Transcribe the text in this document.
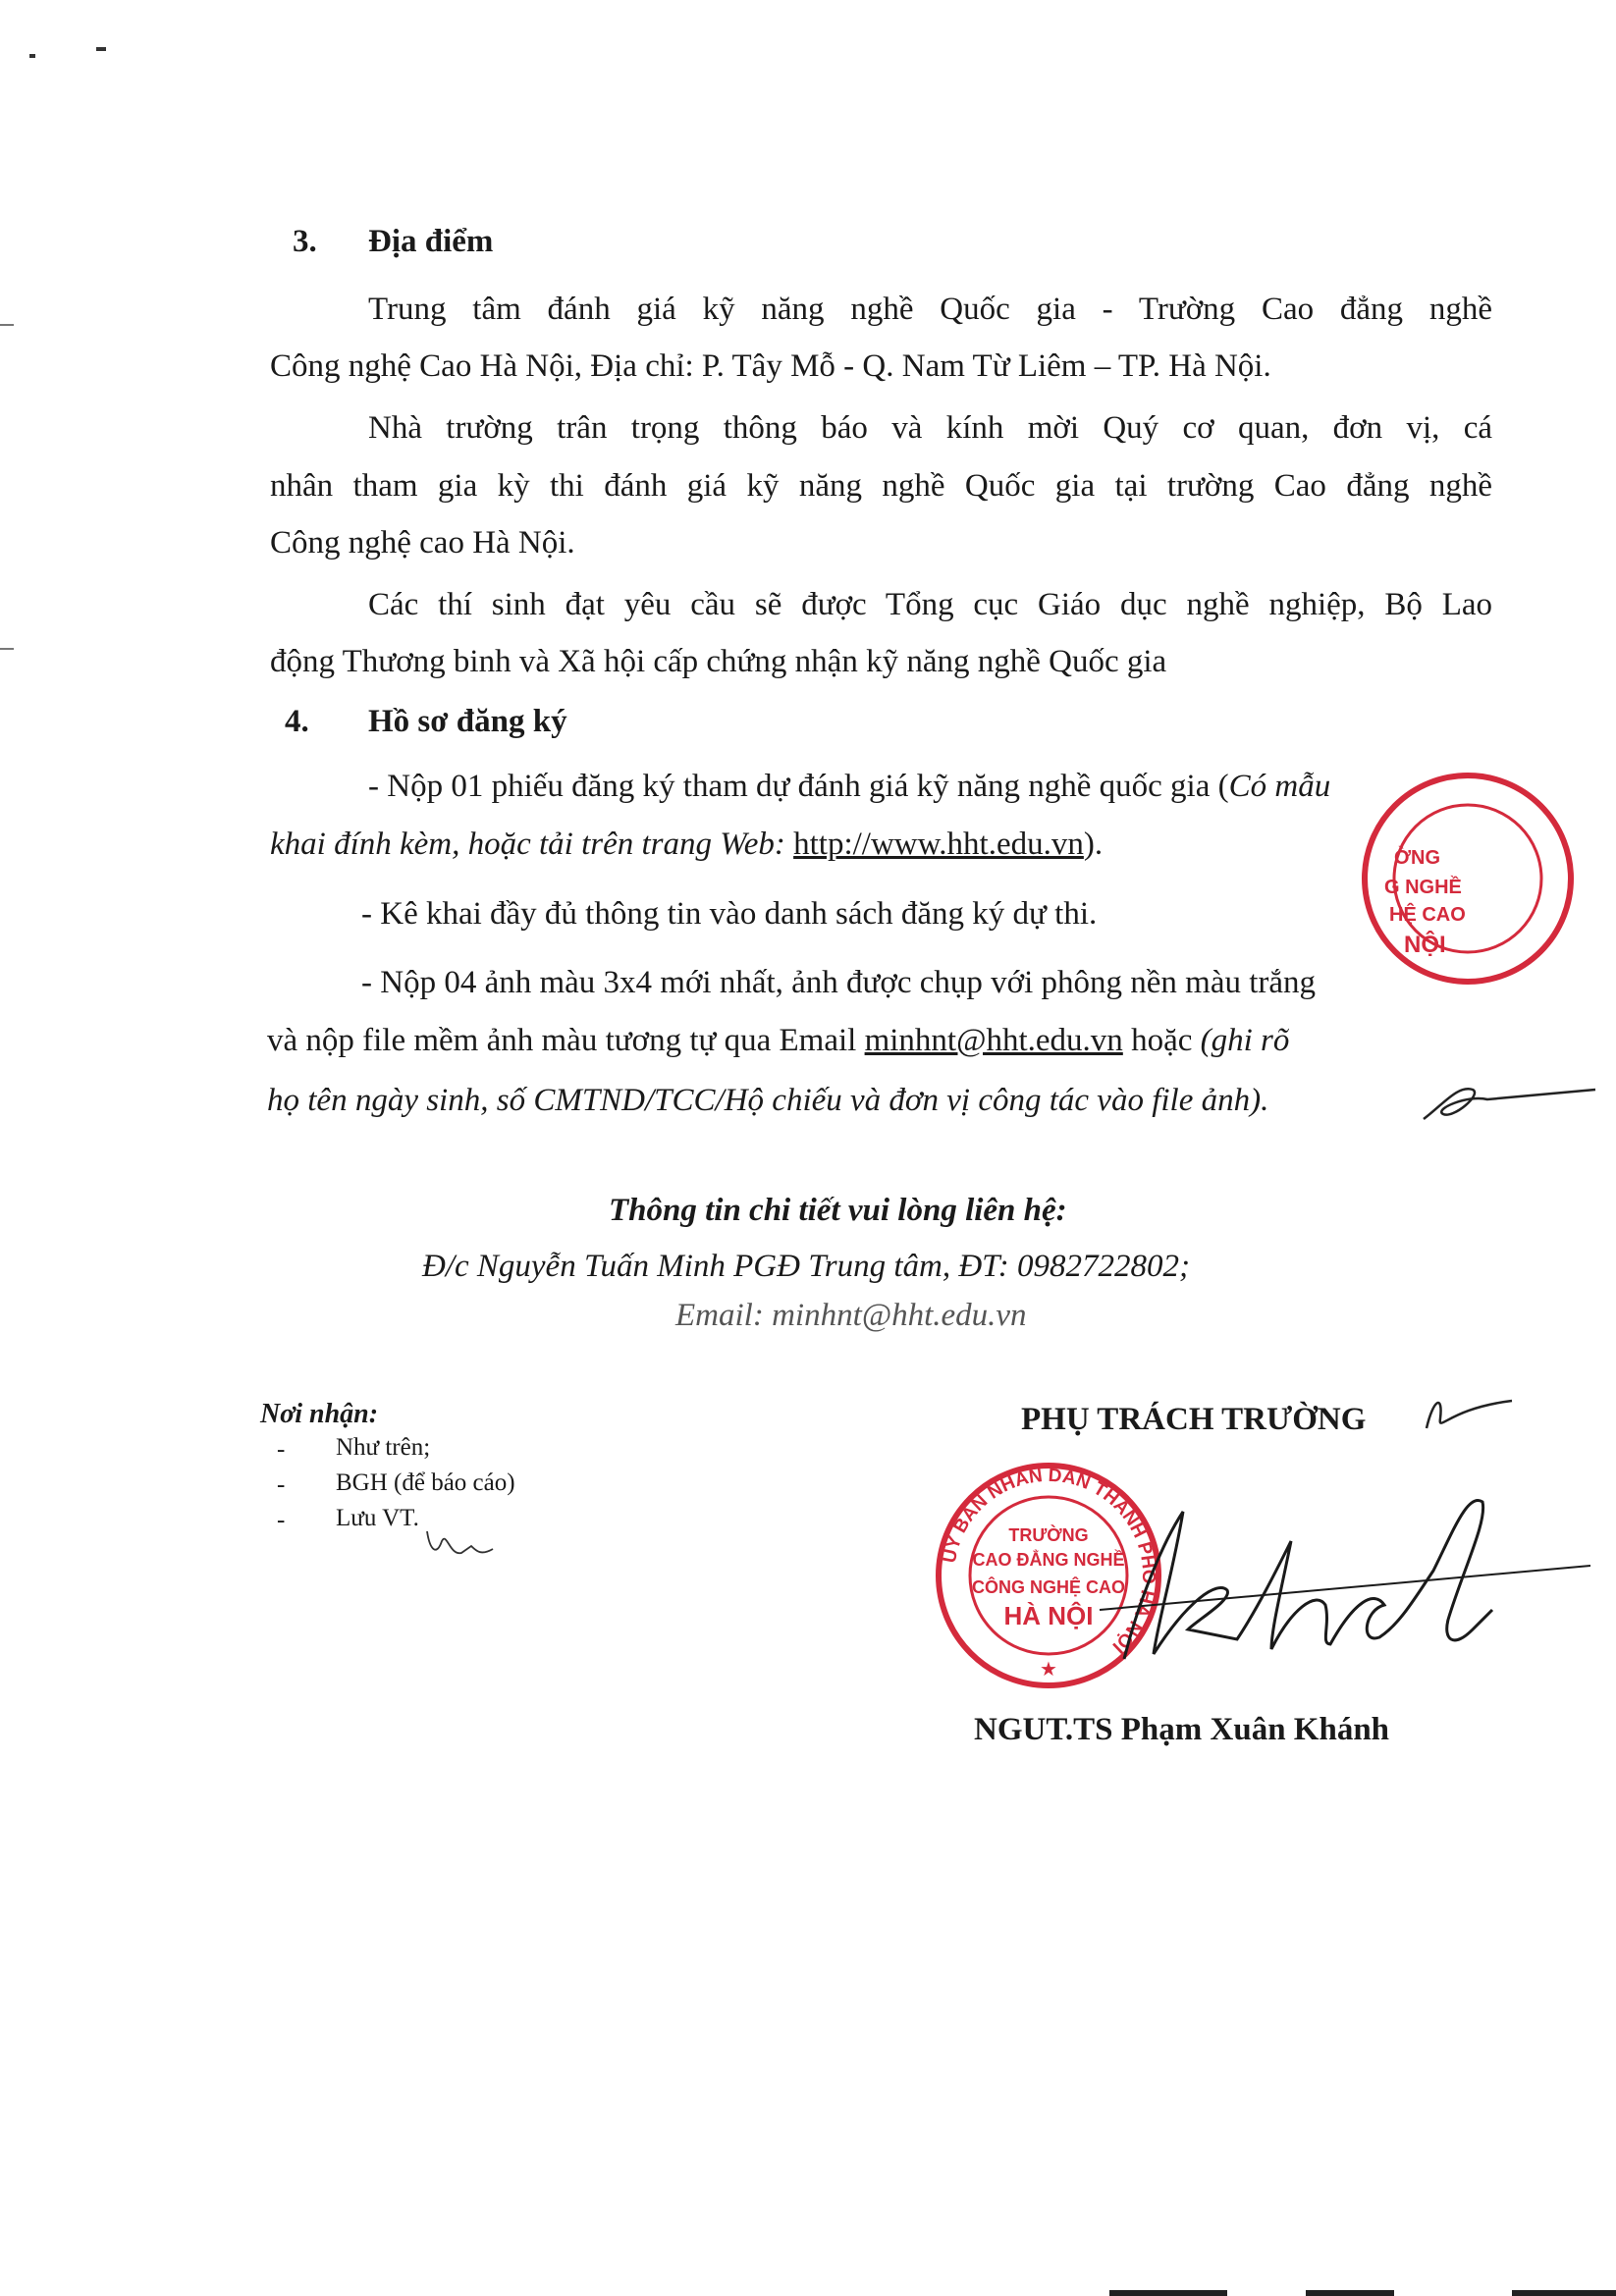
3. Địa điểm
Trung tâm đánh giá kỹ năng nghề Quốc gia - Trường Cao đẳng nghề
Công nghệ Cao Hà Nội, Địa chỉ: P. Tây Mỗ - Q. Nam Từ Liêm – TP. Hà Nội.
Nhà trường trân trọng thông báo và kính mời Quý cơ quan, đơn vị, cá
nhân tham gia kỳ thi đánh giá kỹ năng nghề Quốc gia tại trường Cao đẳng nghề
Công nghệ cao Hà Nội.
Các thí sinh đạt yêu cầu sẽ được Tổng cục Giáo dục nghề nghiệp, Bộ Lao
động Thương binh và Xã hội cấp chứng nhận kỹ năng nghề Quốc gia
4. Hồ sơ đăng ký
- Nộp 01 phiếu đăng ký tham dự đánh giá kỹ năng nghề quốc gia (Có mẫu
khai đính kèm, hoặc tải trên trang Web: http://www.hht.edu.vn).
- Kê khai đầy đủ thông tin vào danh sách đăng ký dự thi.
- Nộp 04 ảnh màu 3x4 mới nhất, ảnh được chụp với phông nền màu trắng
và nộp file mềm ảnh màu tương tự qua Email minhnt@hht.edu.vn hoặc (ghi rõ
họ tên ngày sinh, số CMTND/TCC/Hộ chiếu và đơn vị công tác vào file ảnh).
ỜNG
G NGHỀ
HỆ CAO
NỘI
Thông tin chi tiết vui lòng liên hệ:
Đ/c Nguyễn Tuấn Minh PGĐ Trung tâm, ĐT: 0982722802;
Email: minhnt@hht.edu.vn
Nơi nhận:
- Như trên;
- BGH (để báo cáo)
- Lưu VT.
PHỤ TRÁCH TRƯỜNG
ỦY BAN NHÂN DÂN THÀNH PHỐ HÀ NỘI
TRƯỜNG
CAO ĐẲNG NGHỀ
CÔNG NGHỆ CAO
HÀ NỘI
★
NGUT.TS Phạm Xuân Khánh
